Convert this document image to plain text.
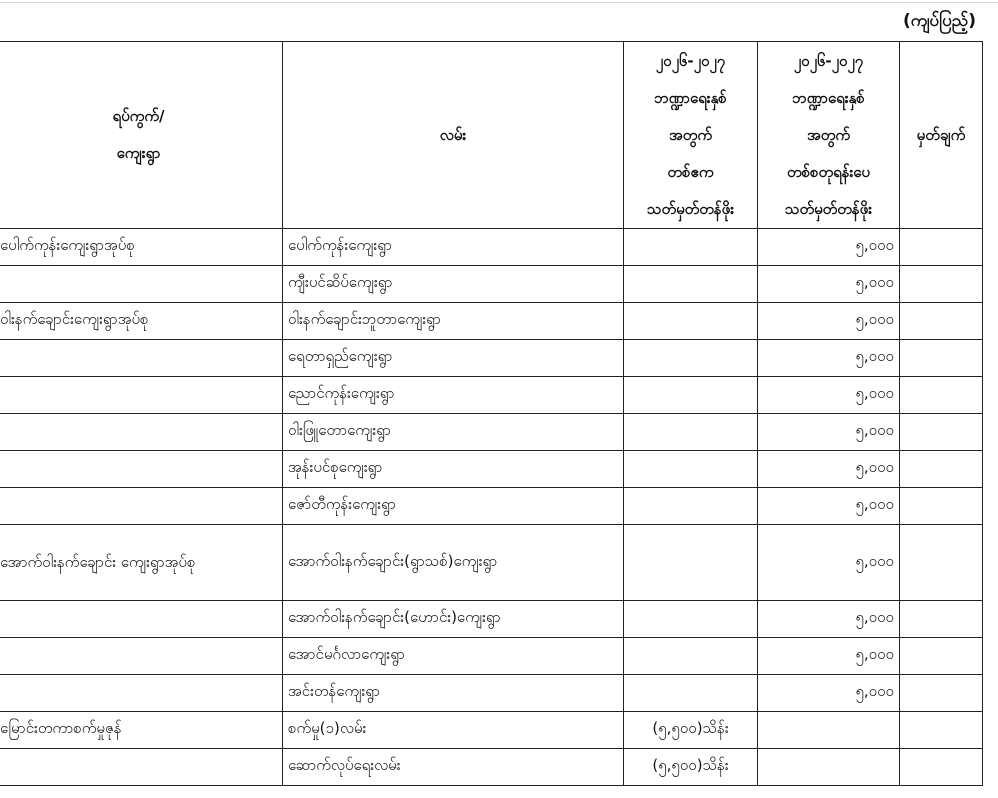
(ကျပ်ပြည့်)
ရပ်ကွက်/
ကျေးရွာ	လမ်း	၂၀၂၆-၂၀၂၇
ဘဏ္ဍာရေးနှစ်
အတွက်
တစ်ဧက
သတ်မှတ်တန်ဖိုး	၂၀၂၆-၂၀၂၇
ဘဏ္ဍာရေးနှစ်
အတွက်
တစ်စတုရန်းပေ
သတ်မှတ်တန်ဖိုး	မှတ်ချက်
ပေါက်ကုန်းကျေးရွာအုပ်စု	ပေါက်ကုန်းကျေးရွာ		၅,၀၀၀	
	ကျီးပင်ဆိပ်ကျေးရွာ		၅,၀၀၀	
ဝါးနက်ချောင်းကျေးရွာအုပ်စု	ဝါးနက်ချောင်းဘူတာကျေးရွာ		၅,၀၀၀	
	ရေတာရှည်ကျေးရွာ		၅,၀၀၀	
	ညောင်ကုန်းကျေးရွာ		၅,၀၀၀	
	ဝါးဖြူတောကျေးရွာ		၅,၀၀၀	
	အုန်းပင်စုကျေးရွာ		၅,၀၀၀	
	ဇော်တီကုန်းကျေးရွာ		၅,၀၀၀	
အောက်ဝါးနက်ချောင်း ကျေးရွာအုပ်စု	အောက်ဝါးနက်ချောင်း(ရွာသစ်)ကျေးရွာ		၅,၀၀၀	
	အောက်ဝါးနက်ချောင်း(ဟောင်း)ကျေးရွာ		၅,၀၀၀	
	အောင်မင်္ဂလာကျေးရွာ		၅,၀၀၀	
	အင်းတန်ကျေးရွာ		၅,၀၀၀	
မြောင်းတကာစက်မှုဇုန်	စက်မှု(၁)လမ်း	(၅,၅၀၀)သိန်း		
	ဆောက်လုပ်ရေးလမ်း	(၅,၅၀၀)သိန်း		
